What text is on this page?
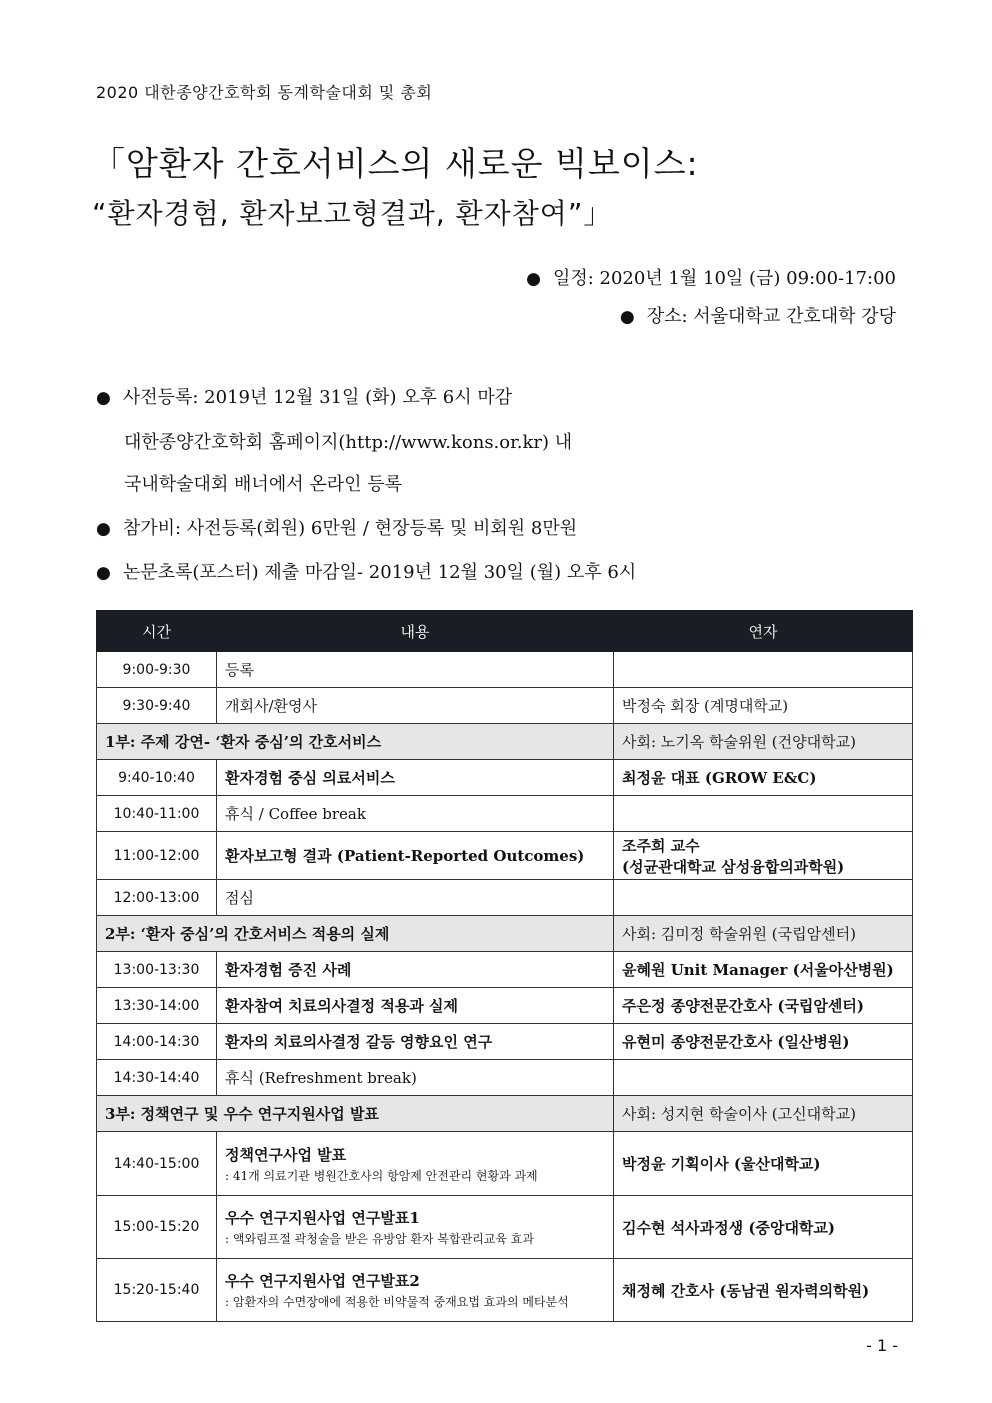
2020 대한종양간호학회 동계학술대회 및 총회
「암환자 간호서비스의 새로운 빅보이스:
“환자경험, 환자보고형결과, 환자참여”」
● 일정: 2020년 1월 10일 (금) 09:00-17:00
● 장소: 서울대학교 간호대학 강당
● 사전등록: 2019년 12월 31일 (화) 오후 6시 마감
대한종양간호학회 홈페이지(http://www.kons.or.kr) 내
국내학술대회 배너에서 온라인 등록
● 참가비: 사전등록(회원) 6만원 / 현장등록 및 비회원 8만원
● 논문초록(포스터) 제출 마감일- 2019년 12월 30일 (월) 오후 6시
시간	내용	연자
9:00-9:30	등록	
9:30-9:40	개회사/환영사	박정숙 회장 (계명대학교)
1부: 주제 강연- ‘환자 중심’의 간호서비스		사회: 노기옥 학술위원 (건양대학교)
9:40-10:40	환자경험 중심 의료서비스	최정윤 대표 (GROW E&C)
10:40-11:00	휴식 / Coffee break	
11:00-12:00	환자보고형 결과 (Patient-Reported Outcomes)	조주희 교수
(성균관대학교 삼성융합의과학원)

12:00-13:00	점심	
2부: ‘환자 중심’의 간호서비스 적용의 실제		사회: 김미정 학술위원 (국립암센터)
13:00-13:30	환자경험 증진 사례	윤혜원 Unit Manager (서울아산병원)
13:30-14:00	환자참여 치료의사결정 적용과 실제	주은정 종양전문간호사 (국립암센터)
14:00-14:30	환자의 치료의사결정 갈등 영향요인 연구	유현미 종양전문간호사 (일산병원)
14:30-14:40	휴식 (Refreshment break)	
3부: 정책연구 및 우수 연구지원사업 발표		사회: 성지현 학술이사 (고신대학교)
14:40-15:00	정책연구사업 발표
: 41개 의료기관 병원간호사의 항암제 안전관리 현황과 과제	박정윤 기획이사 (울산대학교)
15:00-15:20	우수 연구지원사업 연구발표1
: 액와림프절 곽청술을 받은 유방암 환자 복합관리교육 효과	김수현 석사과정생 (중앙대학교)
15:20-15:40	우수 연구지원사업 연구발표2
: 암환자의 수면장애에 적용한 비약물적 중재요법 효과의 메타분석	채정혜 간호사 (동남권 원자력의학원)
- 1 -
